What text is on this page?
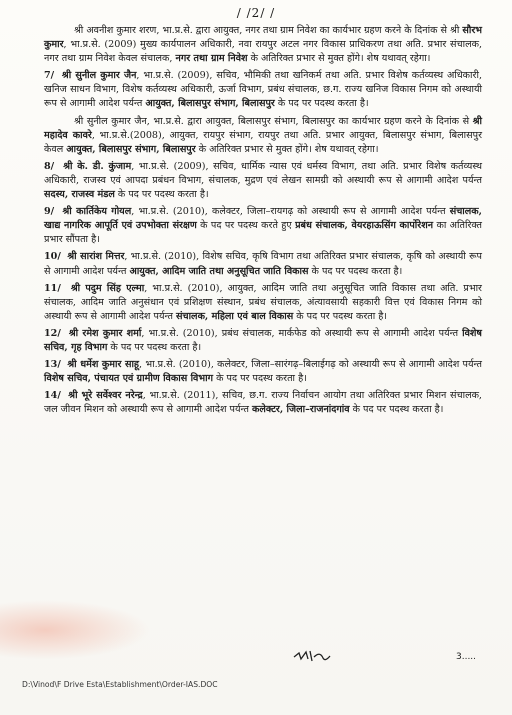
/ /2/ /

श्री अवनीश कुमार शरण, भा.प्र.से. द्वारा आयुक्त, नगर तथा ग्राम निवेश का कार्यभार ग्रहण करने के दिनांक से श्री सौरभ कुमार, भा.प्र.से. (2009) मुख्य कार्यपालन अधिकारी, नवा रायपुर अटल नगर विकास प्राधिकरण तथा अति. प्रभार संचालक, नगर तथा ग्राम निवेश केवल संचालक, नगर तथा ग्राम निवेश के अतिरिक्त प्रभार से मुक्त होंगे। शेष यथावत् रहेगा।

7/ श्री सुनील कुमार जैन, भा.प्र.से. (2009), सचिव, भौमिकी तथा खनिकर्म तथा अति. प्रभार विशेष कर्तव्यस्थ अधिकारी, खनिज साधन विभाग, विशेष कर्तव्यस्थ अधिकारी, ऊर्जा विभाग, प्रबंध संचालक, छ.ग. राज्य खनिज विकास निगम को अस्थायी रूप से आगामी आदेश पर्यन्त आयुक्त, बिलासपुर संभाग, बिलासपुर के पद पर पदस्थ करता है।

श्री सुनील कुमार जैन, भा.प्र.से. द्वारा आयुक्त, बिलासपुर संभाग, बिलासपुर का कार्यभार ग्रहण करने के दिनांक से श्री महादेव कावरे, भा.प्र.से.(2008), आयुक्त, रायपुर संभाग, रायपुर तथा अति. प्रभार आयुक्त, बिलासपुर संभाग, बिलासपुर केवल आयुक्त, बिलासपुर संभाग, बिलासपुर के अतिरिक्त प्रभार से मुक्त होंगे। शेष यथावत् रहेगा।

8/ श्री के. डी. कुंजाम, भा.प्र.से. (2009), सचिव, धार्मिक न्यास एवं धर्मस्व विभाग, तथा अति. प्रभार विशेष कर्तव्यस्थ अधिकारी, राजस्व एवं आपदा प्रबंधन विभाग, संचालक, मुद्रण एवं लेखन सामग्री को अस्थायी रूप से आगामी आदेश पर्यन्त सदस्य, राजस्व मंडल के पद पर पदस्थ करता है।

9/ श्री कार्तिकेय गोयल, भा.प्र.से. (2010), कलेक्टर, जिला–रायगढ़ को अस्थायी रूप से आगामी आदेश पर्यन्त संचालक, खाद्य नागरिक आपूर्ति एवं उपभोक्ता संरक्षण के पद पर पदस्थ करते हुए प्रबंध संचालक, वेयरहाऊसिंग कार्पोरेशन का अतिरिक्त प्रभार सौंपता है।

10/ श्री सारांश मित्तर, भा.प्र.से. (2010), विशेष सचिव, कृषि विभाग तथा अतिरिक्त प्रभार संचालक, कृषि को अस्थायी रूप से आगामी आदेश पर्यन्त आयुक्त, आदिम जाति तथा अनुसूचित जाति विकास के पद पर पदस्थ करता है।

11/ श्री पदुम सिंह एल्मा, भा.प्र.से. (2010), आयुक्त, आदिम जाति तथा अनुसूचित जाति विकास तथा अति. प्रभार संचालक, आदिम जाति अनुसंधान एवं प्रशिक्षण संस्थान, प्रबंध संचालक, अंत्यावसायी सहकारी वित्त एवं विकास निगम को अस्थायी रूप से आगामी आदेश पर्यन्त संचालक, महिला एवं बाल विकास के पद पर पदस्थ करता है।

12/ श्री रमेश कुमार शर्मा, भा.प्र.से. (2010), प्रबंध संचालक, मार्कफेड को अस्थायी रूप से आगामी आदेश पर्यन्त विशेष सचिव, गृह विभाग के पद पर पदस्थ करता है।

13/ श्री धर्मेश कुमार साहू, भा.प्र.से. (2010), कलेक्टर, जिला–सारंगढ़–बिलाईगढ़ को अस्थायी रूप से आगामी आदेश पर्यन्त विशेष सचिव, पंचायत एवं ग्रामीण विकास विभाग के पद पर पदस्थ करता है।

14/ श्री भूरे सर्वेश्वर नरेन्द्र, भा.प्र.से. (2011), सचिव, छ.ग. राज्य निर्वाचन आयोग तथा अतिरिक्त प्रभार मिशन संचालक, जल जीवन मिशन को अस्थायी रूप से आगामी आदेश पर्यन्त कलेक्टर, जिला–राजनांदगांव के पद पर पदस्थ करता है।

3.....
D:\Vinod\F Drive Esta\Establishment\Order-IAS.DOC
